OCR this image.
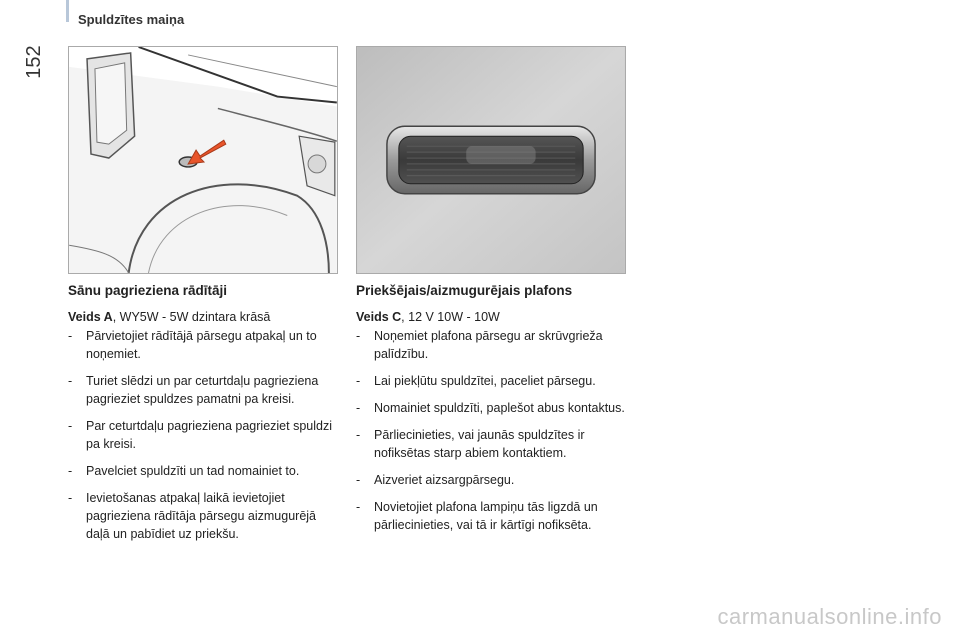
152
Spuldzītes maiņa
Sānu pagrieziena rādītāji
Veids A, WY5W - 5W dzintara krāsā
- Pārvietojiet rādītājā pārsegu atpakaļ un to noņemiet.
- Turiet slēdzi un par ceturtdaļu pagrieziena pagrieziet spuldzes pamatni pa kreisi.
- Par ceturtdaļu pagrieziena pagrieziet spuldzi pa kreisi.
- Pavelciet spuldzīti un tad nomainiet to.
- Ievietošanas atpakaļ laikā ievietojiet pagrieziena rādītāja pārsegu aizmugurējā daļā un pabīdiet uz priekšu.
Priekšējais/aizmugurējais plafons
Veids C, 12 V 10W - 10W
- Noņemiet plafona pārsegu ar skrūvgrieža palīdzību.
- Lai piekļūtu spuldzītei, paceliet pārsegu.
- Nomainiet spuldzīti, paplešot abus kontaktus.
- Pārliecinieties, vai jaunās spuldzītes ir nofiksētas starp abiem kontaktiem.
- Aizveriet aizsargpārsegu.
- Novietojiet plafona lampiņu tās ligzdā un pārliecinieties, vai tā ir kārtīgi nofiksēta.
carmanualsonline.info
